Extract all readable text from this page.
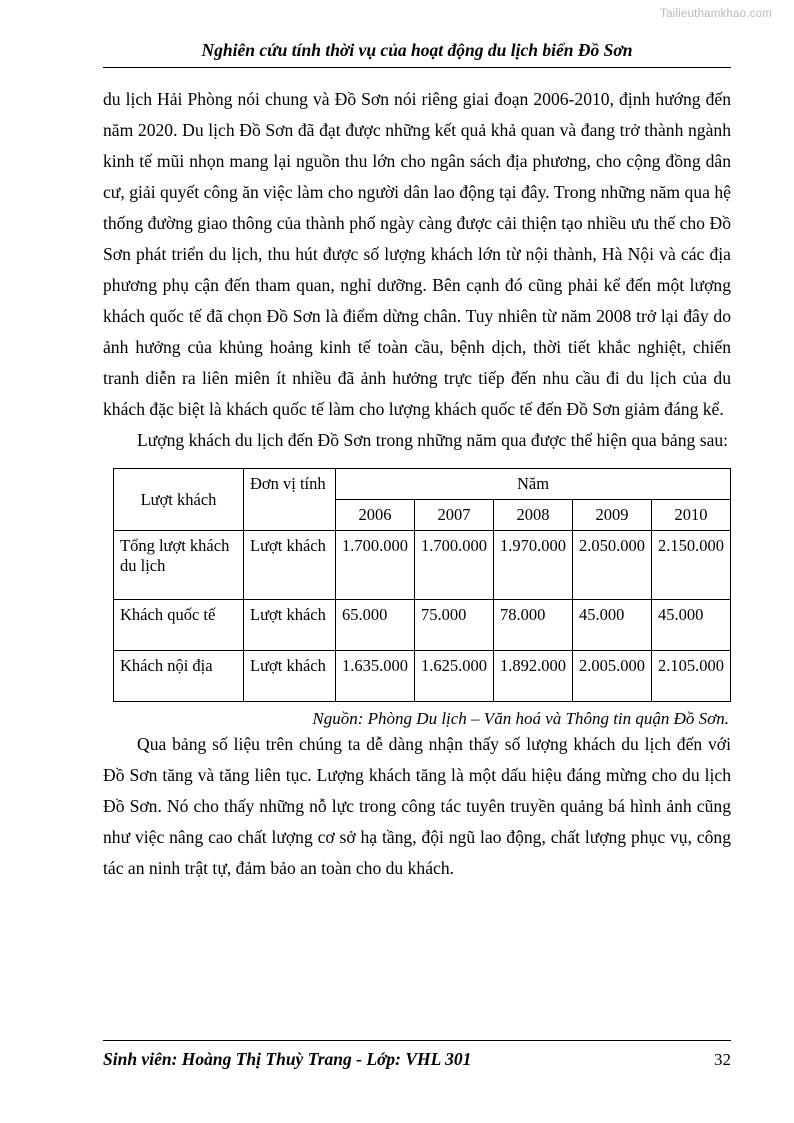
Tailieuthamkhao.com
Nghiên cứu tính thời vụ của hoạt động du lịch biển Đồ Sơn

du lịch Hải Phòng nói chung và Đồ Sơn nói riêng giai đoạn 2006-2010, định hướng đến năm 2020. Du lịch Đồ Sơn đã đạt được những kết quả khả quan và đang trở thành ngành kinh tế mũi nhọn mang lại nguồn thu lớn cho ngân sách địa phương, cho cộng đồng dân cư, giải quyết công ăn việc làm cho người dân lao động tại đây. Trong những năm qua hệ thống đường giao thông của thành phố ngày càng được cải thiện tạo nhiều ưu thế cho Đồ Sơn phát triển du lịch, thu hút được số lượng khách lớn từ nội thành, Hà Nội và các địa phương phụ cận đến tham quan, nghỉ dưỡng. Bên cạnh đó cũng phải kể đến một lượng khách quốc tế đã chọn Đồ Sơn là điểm dừng chân. Tuy nhiên từ năm 2008 trở lại đây do ảnh hưởng của khủng hoảng kinh tế toàn cầu, bệnh dịch, thời tiết khắc nghiệt, chiến tranh diễn ra liên miên ít nhiều đã ảnh hưởng trực tiếp đến nhu cầu đi du lịch của du khách đặc biệt là khách quốc tế làm cho lượng khách quốc tế đến Đồ Sơn giảm đáng kể.

Lượng khách du lịch đến Đồ Sơn trong những năm qua được thể hiện qua bảng sau:

Lượt khách	Đơn vị tính	Năm				
		2006	2007	2008	2009	2010
Tổng lượt khách du lịch	Lượt khách	1.700.000	1.700.000	1.970.000	2.050.000	2.150.000
Khách quốc tế	Lượt khách	65.000	75.000	78.000	45.000	45.000
Khách nội địa	Lượt khách	1.635.000	1.625.000	1.892.000	2.005.000	2.105.000
Nguồn: Phòng Du lịch – Văn hoá và Thông tin quận Đồ Sơn.

Qua bảng số liệu trên chúng ta dễ dàng nhận thấy số lượng khách du lịch đến với Đồ Sơn tăng và tăng liên tục. Lượng khách tăng là một dấu hiệu đáng mừng cho du lịch Đồ Sơn. Nó cho thấy những nỗ lực trong công tác tuyên truyền quảng bá hình ảnh cũng như việc nâng cao chất lượng cơ sở hạ tầng, đội ngũ lao động, chất lượng phục vụ, công tác an ninh trật tự, đảm bảo an toàn cho du khách.

Sinh viên: Hoàng Thị Thuỳ Trang - Lớp: VHL 301	32
